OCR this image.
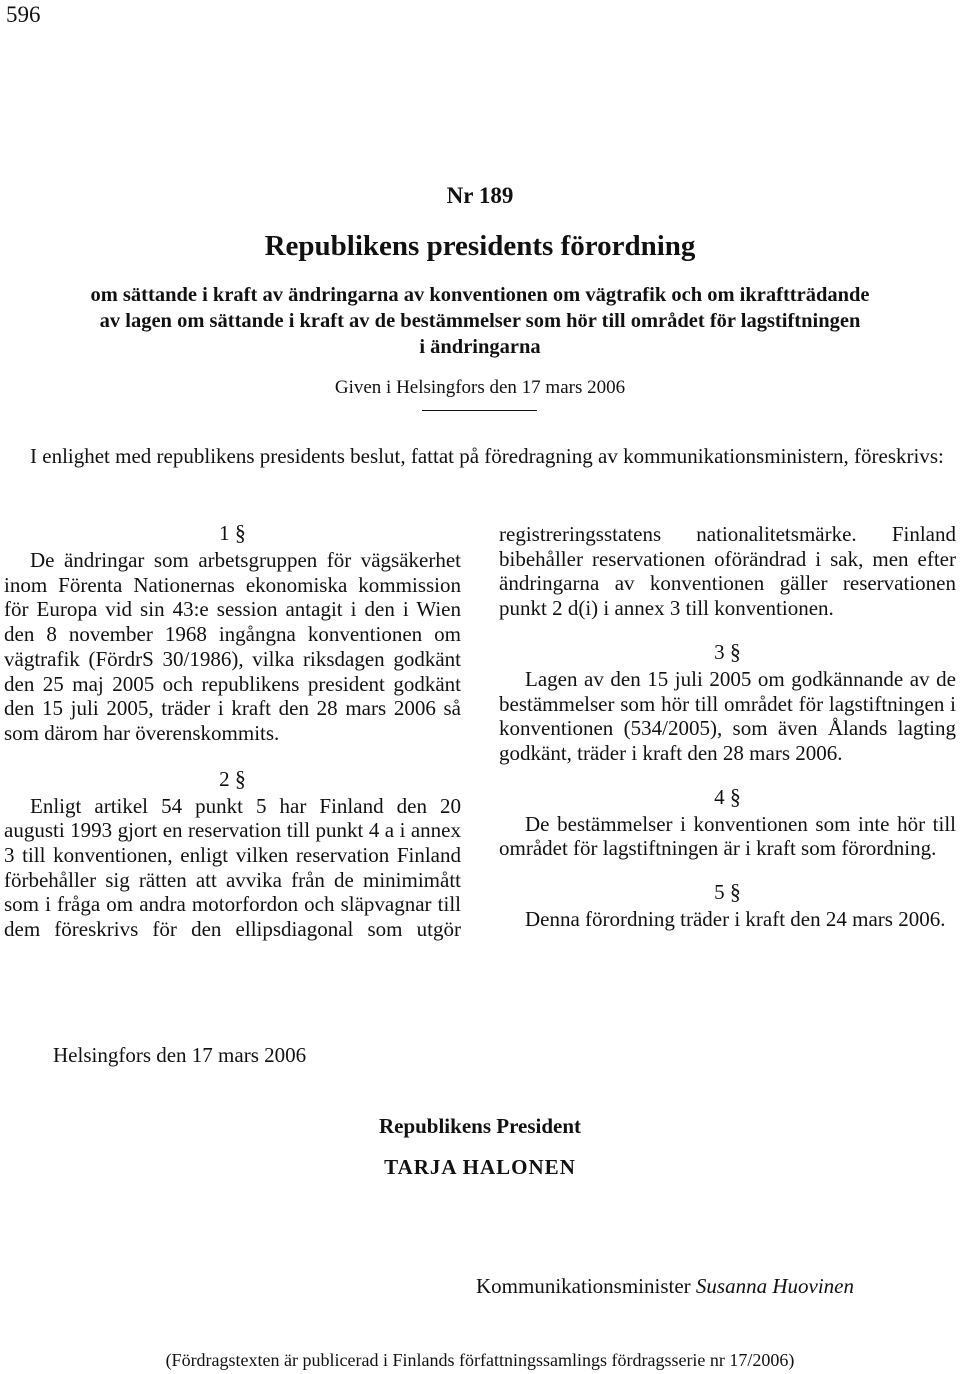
596
Nr 189
Republikens presidents förordning
om sättande i kraft av ändringarna av konventionen om vägtrafik och om ikraftträdande
av lagen om sättande i kraft av de bestämmelser som hör till området för lagstiftningen
i ändringarna
Given i Helsingfors den 17 mars 2006
I enlighet med republikens presidents beslut, fattat på föredragning av kommunikationsministern, föreskrivs:
1 §

De ändringar som arbetsgruppen för vägsäkerhet inom Förenta Nationernas ekonomiska kommission för Europa vid sin 43:e session antagit i den i Wien den 8 november 1968 ingångna konventionen om vägtrafik (FördrS 30/1986), vilka riksdagen godkänt den 25 maj 2005 och republikens president godkänt den 15 juli 2005, träder i kraft den 28 mars 2006 så som därom har överenskommits.

2 §

Enligt artikel 54 punkt 5 har Finland den 20 augusti 1993 gjort en reservation till punkt 4 a i annex 3 till konventionen, enligt vilken reservation Finland förbehåller sig rätten att avvika från de minimimått som i fråga om andra motorfordon och släpvagnar till dem föreskrivs för den ellipsdiagonal som utgör

registreringsstatens nationalitetsmärke. Finland bibehåller reservationen oförändrad i sak, men efter ändringarna av konventionen gäller reservationen punkt 2 d(i) i annex 3 till konventionen.

3 §

Lagen av den 15 juli 2005 om godkännande av de bestämmelser som hör till området för lagstiftningen i konventionen (534/2005), som även Ålands lagting godkänt, träder i kraft den 28 mars 2006.

4 §

De bestämmelser i konventionen som inte hör till området för lagstiftningen är i kraft som förordning.

5 §

Denna förordning träder i kraft den 24 mars 2006.

Helsingfors den 17 mars 2006
Republikens President
TARJA HALONEN
Kommunikationsminister Susanna Huovinen
(Fördragstexten är publicerad i Finlands författningssamlings fördragsserie nr 17/2006)
